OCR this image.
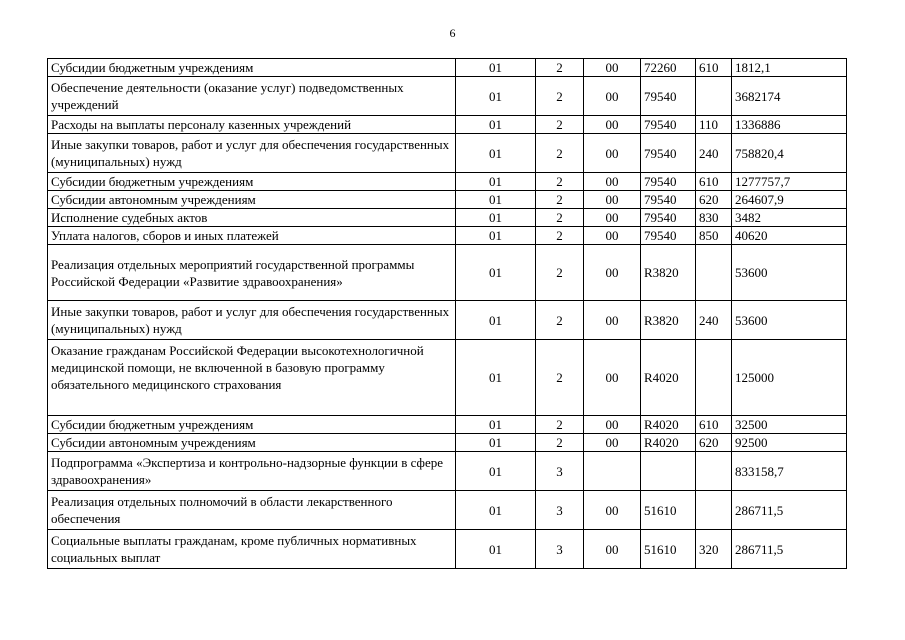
6
Субсидии бюджетным учреждениям	01	2	00	72260	610	1812,1
Обеспечение деятельности (оказание услуг) подведомственных учреждений	01	2	00	79540		3682174
Расходы на выплаты персоналу казенных учреждений	01	2	00	79540	110	1336886
Иные закупки товаров, работ и услуг для обеспечения государственных (муниципальных) нужд	01	2	00	79540	240	758820,4
Субсидии бюджетным учреждениям	01	2	00	79540	610	1277757,7
Субсидии автономным учреждениям	01	2	00	79540	620	264607,9
Исполнение судебных актов	01	2	00	79540	830	3482
Уплата налогов, сборов и иных платежей	01	2	00	79540	850	40620
Реализация отдельных мероприятий государственной программы Российской Федерации «Развитие здравоохранения»	01	2	00	R3820		53600
Иные закупки товаров, работ и услуг для обеспечения государственных (муниципальных) нужд	01	2	00	R3820	240	53600
Оказание гражданам Российской Федерации высокотехнологичной медицинской помощи, не включенной в базовую программу обязательного медицинского страхования	01	2	00	R4020		125000
Субсидии бюджетным учреждениям	01	2	00	R4020	610	32500
Субсидии автономным учреждениям	01	2	00	R4020	620	92500
Подпрограмма «Экспертиза и контрольно-надзорные функции в сфере здравоохранения»	01	3				833158,7
Реализация отдельных полномочий в области лекарственного обеспечения	01	3	00	51610		286711,5
Социальные выплаты гражданам, кроме публичных нормативных социальных выплат	01	3	00	51610	320	286711,5
